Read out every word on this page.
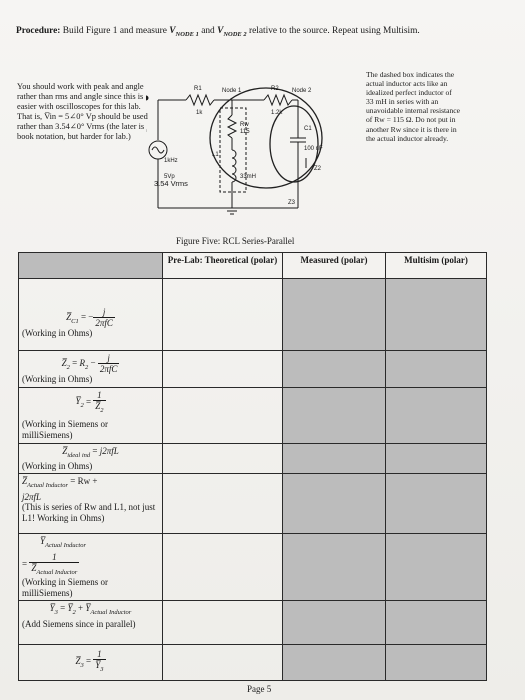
Procedure: Build Figure 1 and measure $V_{NODE 1}$ and $V_{NODE 2}$ relative to the source. Repeat using Multisim.
You should work with peak and angle rather than rms and angle since this is easier with oscilloscopes for this lab. That is, V̅in = 5∠0° Vp should be used rather than 3.54∠0° Vrms (the later is book notation, but harder for lab.)
The dashed box indicates the actual inductor acts like an idealized perfect inductor of 33 mH in series with an unavoidable internal resistance of Rw = 115 Ω. Do not put in another Rw since it is there in the actual inductor already.
R1
1k
Node 1	R2
1.2k
Node 2
Rw
115	C1
100 nF
L1
33mH
Z2
Z3
1kHz
5Vp
3.54 Vrms
Figure Five: RCL Series-Parallel
	Pre-Lab: Theoretical (polar)	Measured (polar)	Multisim (polar)

$Z̅_{C1}$ = − $\frac{j}{\text{2πfC}}$
(Working in Ohms)			

$Z̅_2 = R_2 - \frac{j}{\text{2πfC}}$
(Working in Ohms)			

$Y̅_2 = \frac{1}{Z̅_2}$
(Working in Siemens or milliSiemens)			

$Z̅_{ideal ind} = j2\pi fL$
(Working in Ohms)			

$Z̅_{Actual Inductor} = Rw$ +
j2πfL
(This is series of Rw and L1, not just L1! Working in Ohms)			

$Y̅_{Actual Inductor}$
= $\frac{1}{Z̅_{Actual Inductor}}$
(Working in Siemens or milliSiemens)			

$Y̅_3$ = $Y̅_2$ + $Y̅_{Actual Inductor}$
(Add Siemens since in parallel)			

$Z̅_3 = \frac{1}{Y̅_3}$

Page 5
